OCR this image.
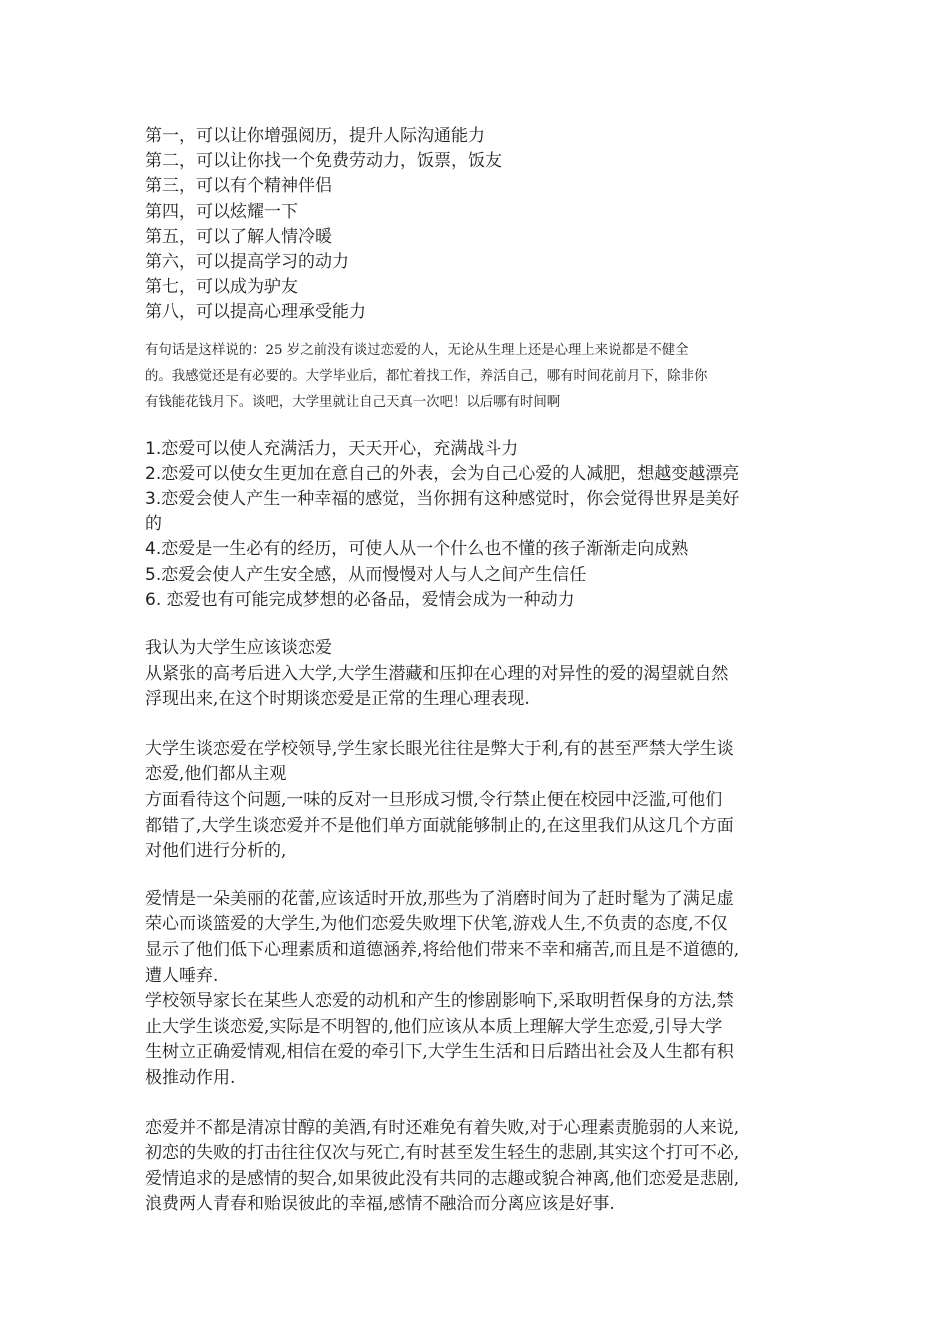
第一，可以让你增强阅历，提升人际沟通能力
第二，可以让你找一个免费劳动力，饭票，饭友
第三，可以有个精神伴侣
第四，可以炫耀一下
第五，可以了解人情冷暖
第六，可以提高学习的动力
第七，可以成为驴友
第八，可以提高心理承受能力
有句话是这样说的：25 岁之前没有谈过恋爱的人，无论从生理上还是心理上来说都是不健全
的。我感觉还是有必要的。大学毕业后，都忙着找工作，养活自己，哪有时间花前月下，除非你
有钱能花钱月下。谈吧，大学里就让自己天真一次吧！以后哪有时间啊
1.恋爱可以使人充满活力，天天开心，充满战斗力
2.恋爱可以使女生更加在意自己的外表，会为自己心爱的人减肥，想越变越漂亮
3.恋爱会使人产生一种幸福的感觉，当你拥有这种感觉时，你会觉得世界是美好
的
4.恋爱是一生必有的经历，可使人从一个什么也不懂的孩子渐渐走向成熟
5.恋爱会使人产生安全感，从而慢慢对人与人之间产生信任
6. 恋爱也有可能完成梦想的必备品，爱情会成为一种动力
我认为大学生应该谈恋爱
从紧张的高考后进入大学,大学生潜藏和压抑在心理的对异性的爱的渴望就自然
浮现出来,在这个时期谈恋爱是正常的生理心理表现.
大学生谈恋爱在学校领导,学生家长眼光往往是弊大于利,有的甚至严禁大学生谈
恋爱,他们都从主观
方面看待这个问题,一味的反对一旦形成习惯,令行禁止便在校园中泛滥,可他们
都错了,大学生谈恋爱并不是他们单方面就能够制止的,在这里我们从这几个方面
对他们进行分析的,
爱情是一朵美丽的花蕾,应该适时开放,那些为了消磨时间为了赶时髦为了满足虚
荣心而谈篮爱的大学生,为他们恋爱失败埋下伏笔,游戏人生,不负责的态度,不仅
显示了他们低下心理素质和道德涵养,将给他们带来不幸和痛苦,而且是不道德的,
遭人唾弃.
学校领导家长在某些人恋爱的动机和产生的惨剧影响下,采取明哲保身的方法,禁
止大学生谈恋爱,实际是不明智的,他们应该从本质上理解大学生恋爱,引导大学
生树立正确爱情观,相信在爱的牵引下,大学生生活和日后踏出社会及人生都有积
极推动作用.
恋爱并不都是清凉甘醇的美酒,有时还难免有着失败,对于心理素责脆弱的人来说,
初恋的失败的打击往往仅次与死亡,有时甚至发生轻生的悲剧,其实这个打可不必,
爱情追求的是感情的契合,如果彼此没有共同的志趣或貌合神离,他们恋爱是悲剧,
浪费两人青春和贻误彼此的幸福,感情不融洽而分离应该是好事.
